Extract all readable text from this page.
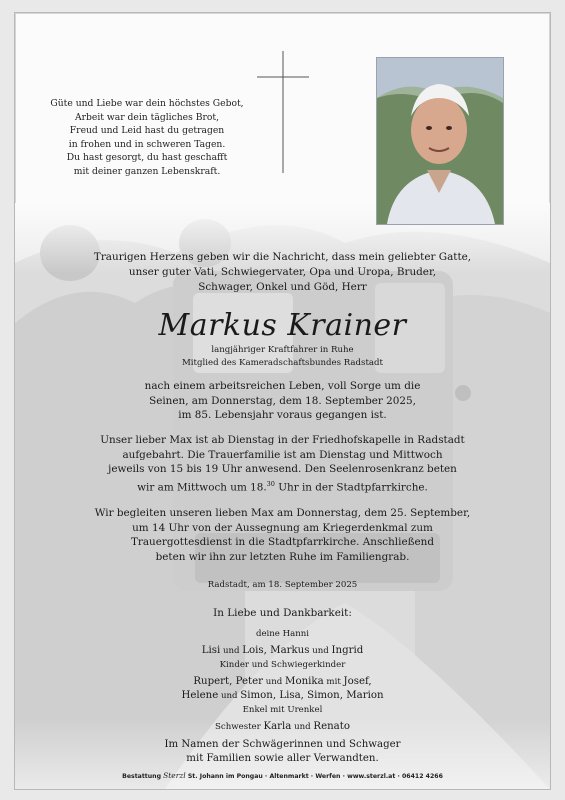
Güte und Liebe war dein höchstes Gebot,
Arbeit war dein tägliches Brot,
Freud und Leid hast du getragen
in frohen und in schweren Tagen.
Du hast gesorgt, du hast geschafft
mit deiner ganzen Lebenskraft.
Traurigen Herzens geben wir die Nachricht, dass mein geliebter Gatte,
unser guter Vati, Schwiegervater, Opa und Uropa, Bruder,
Schwager, Onkel und Göd, Herr
Markus Krainer
langjähriger Kraftfahrer in Ruhe
Mitglied des Kameradschaftsbundes Radstadt
nach einem arbeitsreichen Leben, voll Sorge um die
Seinen, am Donnerstag, dem 18. September 2025,
im 85. Lebensjahr voraus gegangen ist.
Unser lieber Max ist ab Dienstag in der Friedhofskapelle in Radstadt
aufgebahrt. Die Trauerfamilie ist am Dienstag und Mittwoch
jeweils von 15 bis 19 Uhr anwesend. Den Seelenrosenkranz beten
wir am Mittwoch um 18.30 Uhr in der Stadtpfarrkirche.
Wir begleiten unseren lieben Max am Donnerstag, dem 25. September,
um 14 Uhr von der Aussegnung am Kriegerdenkmal zum
Trauergottesdienst in die Stadtpfarrkirche. Anschließend
beten wir ihn zur letzten Ruhe im Familiengrab.
Radstadt, am 18. September 2025
In Liebe und Dankbarkeit:
deine Hanni
Lisi und Lois, Markus und Ingrid
Kinder und Schwiegerkinder
Rupert, Peter und Monika mit Josef,
Helene und Simon, Lisa, Simon, Marion
Enkel mit Urenkel
Schwester Karla und Renato
Im Namen der Schwägerinnen und Schwager
mit Familien sowie aller Verwandten.
Bestattung Sterzl St. Johann im Pongau · Altenmarkt · Werfen · www.sterzl.at · 06412 4266
